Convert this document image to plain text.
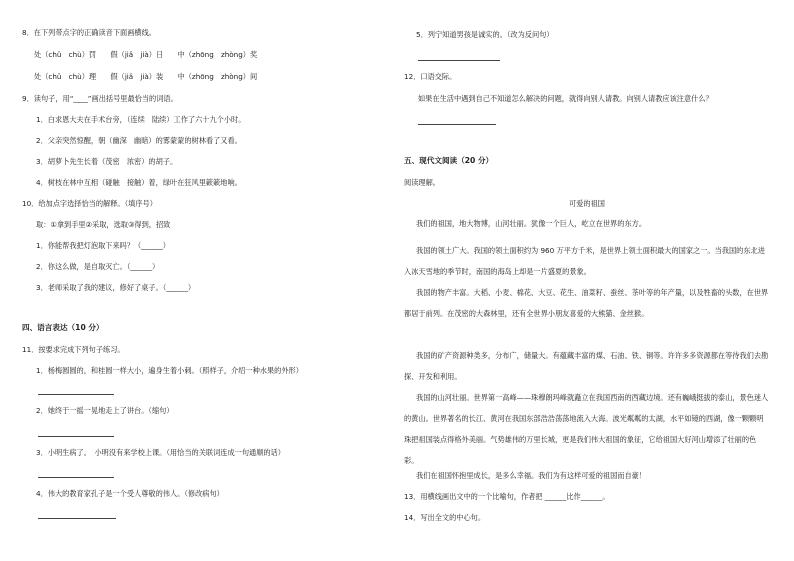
8．在下列带点字的正确读音下面画横线。
处（chǔ　chù）罚　　假（jiǎ　jià）日　　中（zhōng　zhòng）奖
处（chǔ　chù）理　　假（jiǎ　jià）装　　中（zhōng　zhòng）间
9．读句子，用“____”画出括号里最恰当的词语。
1．白求恩大夫在手术台旁，（连续　陆续）工作了六十九个小时。
2．父亲突然惊醒，朝（幽深　幽暗）的雾蒙蒙的树林看了又看。
3．胡萝卜先生长着（茂密　浓密）的胡子。
4．树枝在林中互相（碰触　接触）着，绿叶在狂风里簌簌地响。
10．给加点字选择恰当的解释。（填序号）
取：①拿到手里②采取，选取③得到，招致
1．你能帮我把灯泡取下来吗？（______）
2．你这么做，是自取灭亡。（______）
3．老师采取了我的建议，修好了桌子。（______）
四、语言表达（10 分）
11．按要求完成下列句子练习。
1．杨梅圆圆的，和桂圆一样大小，遍身生着小刺。（照样子，介绍一种水果的外形）
2．她终于一摇一晃地走上了讲台。（缩句）
3．小明生病了。　小明没有来学校上课。（用恰当的关联词连成一句通顺的话）
4．伟大的教育家孔子是一个受人尊敬的伟人。（修改病句）
5．列宁知道男孩是诚实的。（改为反问句）
12．口语交际。
如果在生活中遇到自己不知道怎么解决的问题，就得向别人请教。向别人请教应该注意什么？
五、现代文阅读（20 分）
阅读理解。
可爱的祖国
我们的祖国，地大物博，山河壮丽。犹像一个巨人，屹立在世界的东方。
我国的领土广大。我国的领土面积约为 960 万平方千米，是世界上领土面积最大的国家之一。当我国的东北进入冰天雪地的季节时，南国的海岛上却是一片盛夏的景象。
我国的物产丰富。大稻、小麦、棉花、大豆、花生、油菜籽、蚕丝、茶叶等的年产量，以及牲畜的头数，在世界都居于前列。在茂密的大森林里，还有全世界小朋友喜爱的大熊猫、金丝猴。
我国的矿产资源种类多，分布广，储量大。有蕴藏丰富的煤、石油、铁、铜等。许许多多资源都在等待我们去勘探、开发和利用。
我国的山河壮丽。世界第一高峰——珠穆朗玛峰就矗立在我国西南的西藏边境。还有巍峨挺拔的泰山，景色迷人的黄山。世界著名的长江、黄河在我国东部浩浩荡荡地流入大海。波光粼粼的太湖，水平如镜的西湖，像一颗颗明珠把祖国装点得格外美丽。气势雄伟的万里长城，更是我们伟大祖国的象征，它给祖国大好河山增添了壮丽的色彩。
我们在祖国怀抱里成长，是多么幸福。我们为有这样可爱的祖国而自豪！
13．用横线画出文中的一个比喻句，作者把 ______比作______。
14．写出全文的中心句。
